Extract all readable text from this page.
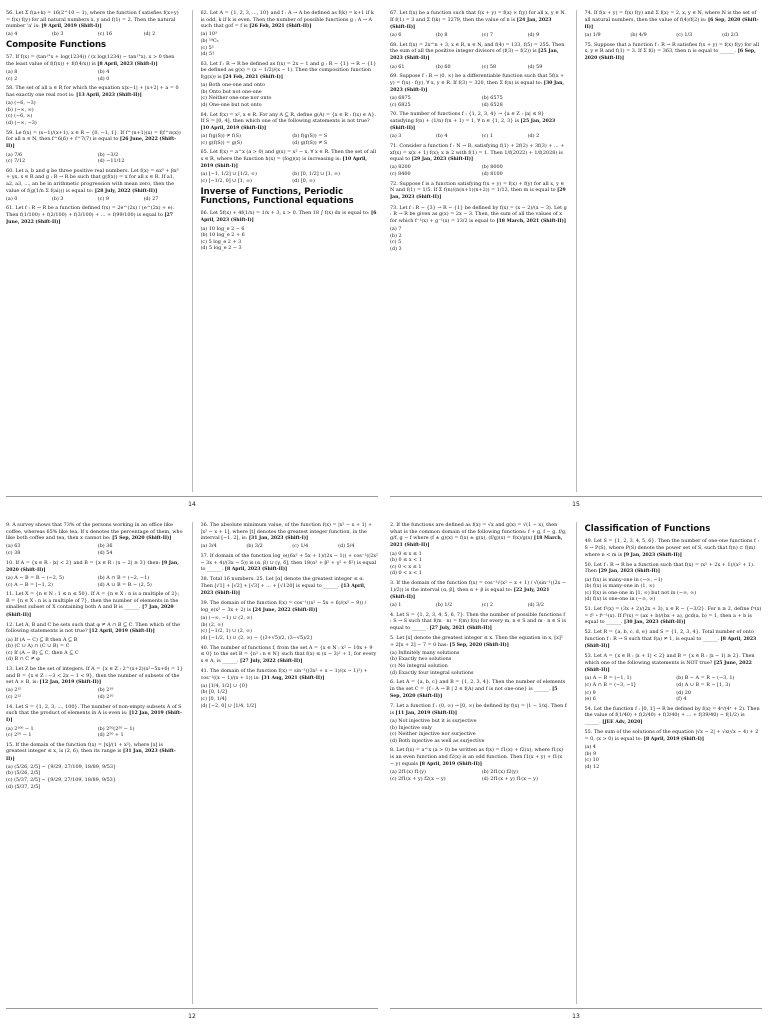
56. Let Σ f(a+k) = 16(2^10 − 1), where the function f satisfies f(x+y) = f(x) f(y) for all natural numbers x, y and f(1) = 2. Then the natural number 'a' is: [9 April, 2019 (Shift-I)]
(a) 4	(b) 3	(c) 16	(d) 2
Composite Functions
57. If f(x) = (tan¹°x + log(1234)) / (x log(1234) − tan¹°x), x > 0 then the least value of f(f(x)) + f(f(4/x)) is [8 April, 2023 (Shift-I)]
(a) 8	(b) 4
(c) 2	(d) 0
58. The set of all a ∈ R for which the equation x|x−1| + |x+2| + a = 0 has exactly one real root is: [13 April, 2023 (Shift-II)]
(a) (−6, −3)
(b) (−∞, ∞)
(c) (−6, ∞)
(d) (−∞, −3)
59. Le f(x) = (x−1)/(x+1), x ∈ R − {0, −1, 1}. If f^(n+1)(x) = f(f^n(x)) for all n ∈ N, then f^6(6) + f^7(7) is equal to [26 June, 2022 (Shift-II)]
(a) 7/6	(b) −3/2
(c) 7/12	(d) −11/12
60. Let a, b and g be three positive real numbers. Let f(x) = αx⁵ + βx³ + γx, x ∈ R and g : R → R be such that g(f(x)) = x for all x ∈ R. If a1, a2, a3, ..., an be in arithmetic progression with mean zero, then the value of f(g(1/n Σ f(ai))) is equal to: [28 July, 2022 (Shift-II)]
(a) 0	(b) 3	(c) 9	(d) 27
61. Let f : R → R be a function defined f(x) = 2e^(2x) / (e^(2x) + e). Then f(1/100) + f(2/100) + f(3/100) + ... + f(99/100) is equal to [27 June, 2022 (Shift-II)]
62. Let A = {1, 2, 3, ..., 10} and f : A → A be defined as f(k) = k+1 if k is odd, k if k is even. Then the number of possible functions g : A → A such that gof = f is [26 Feb, 2021 (Shift-II)]
(a) 10³
(b) ¹⁰C₅
(c) 5⁵
(d) 5!
63. Let f : R → R be defined as f(x) = 2x − 1 and g : R − {1} → R − {1} be defined as g(x) = (x − 1/2)/(x − 1). Then the composition function f(g(x)) is [24 Feb, 2021 (Shift-I)]
(a) Both one-one and onto
(b) Onto but not one-one
(c) Neither one-one nor onto
(d) One-one but not onto
64. Let f(x) = x², x ∈ R. For any A ⊆ R, define g(A) = {x ∈ R : f(x) ∈ A}. If S = [0, 4], then which one of the following statements is not true? [10 April, 2019 (Shift-II)]
(a) f(g(S)) ≠ f(S)	(b) f(g(S)) = S
(c) g(f(S)) = g(S)	(d) g(f(S)) ≠ S
65. Let f(x) = a^x (a > 0) and g(x) = x² − x, ∀ x ∈ R. Then the set of all x ∈ R, where the function h(x) = (fog)(x) is increasing is: [10 April, 2019 (Shift-I)]
(a) [−1, 1/2] ∪ [1/2, ∞)	(b) [0, 1/2] ∪ [1, ∞)
(c) [−1/2, 0] ∪ [1, ∞)	(d) [0, ∞)
Inverse of Functions, Periodic Functions, Functional equations
66. Let 5f(x) + 4f(1/x) = 1/x + 3, x > 0. Then 18 ∫ f(x) dx is equal to: [6 April, 2023 (Shift-I)]
(a) 10 log_e 2 − 6
(b) 10 log_e 2 + 6
(c) 5 log_e 2 + 3
(d) 5 log_e 2 − 3
14
67. Let f(x) be a function such that f(x + y) = f(x) × f(y) for all x, y ∈ N. If f(1) = 3 and Σ f(k) = 3279, then the value of n is [24 Jan, 2023 (Shift-II)]
(a) 6	(b) 8	(c) 7	(d) 9
68. Let f(x) = 2x^n + 3, x ∈ R, n ∈ N, and f(4) = 133, f(5) = 255. Then the sum of all the positive integer divisors of (f(3) − f(2)) is [25 Jan, 2023 (Shift-II)]
(a) 61	(b) 60	(c) 58	(d) 59
69. Suppose f : R → (0, ∞) be a differentiable function such that 5f(x + y) = f(x) · f(y), ∀ x, y ∈ R. If f(3) = 320, then Σ f(n) is equal to: [30 Jan, 2023 (Shift-I)]
(a) 6875	(b) 6575
(c) 6825	(d) 6528
70. The number of functions f : {1, 2, 3, 4} → {a ∈ Z : |a| ≤ 8} satisfying f(n) + (1/n) f(n + 1) = 1, ∀ n ∈ {1, 2, 3} is [25 Jan, 2023 (Shift-II)]
(a) 3	(b) 4	(c) 1	(d) 2
71. Consider a function f : N → R, satisfying f(1) + 2f(2) + 3f(3) + ... + xf(x) = x(x + 1) f(x); x ≥ 2 with f(1) = 1. Then 1/f(2022) + 1/f(2028) is equal to [29 Jan, 2023 (Shift-II)]
(a) 8200	(b) 8000
(c) 8400	(d) 8100
72. Suppose f is a function satisfying f(x + y) = f(x) + f(y) for all x, y ∈ N and f(1) = 1/5. If Σ f(n)/(n(n+1)(n+2)) = 1/12, then m is equal to [29 Jan, 2023 (Shift-II)]
73. Let f : R − {3} → R − {1} be defined by f(x) = (x − 2)/(x − 3). Let g : R → R be given as g(x) = 2x − 3. Then, the sum of all the values of x for which f⁻¹(x) + g⁻¹(x) = 13/2 is equal to [18 March, 2021 (Shift-II)]
(a) 7
(b) 2
(c) 5
(d) 3
74. If f(x + y) = f(x) f(y) and Σ f(x) = 2, x, y ∈ N, where N is the set of all natural numbers, then the value of f(4)/f(2) is: [6 Sep, 2020 (Shift-II)]
(a) 1/9	(b) 4/9	(c) 1/3	(d) 2/3
75. Suppose that a function f : R → R satisfies f(x + y) = f(x) f(y) for all x, y ∈ R and f(1) = 3. If Σ f(i) = 363, then n is equal to ______. [6 Sep, 2020 (Shift-II)]
15
9. A survey shows that 73% of the persons working in an office like coffee, whereas 65% like tea. If x denotes the percentage of them, who like both coffee and tea, then x cannot be: [5 Sep, 2020 (Shift-II)]
(a) 63	(b) 36
(c) 38	(d) 54
10. If A = {x ∈ R : |x| < 2} and B = {x ∈ R : |x − 2| ≥ 3} then: [9 Jan, 2020 (Shift-II)]
(a) A − B = R − (−2, 5)	(b) A ∩ B = (−2, −1)
(c) A − B = [−1, 2)	(d) A ∪ B = R − (2, 5)
11. Let X = {n ∈ N : 1 ≤ n ≤ 50}. If A = {n ∈ X : n is a multiple of 2}; B = {n ∈ X : n is a multiple of 7}, then the number of elements in the smallest subset of X containing both A and B is ______. [7 Jan, 2020 (Shift-II)]
12. Let A, B and C be sets such that φ ≠ A ∩ B ⊆ C. Then which of the following statements is not true? [12 April, 2019 (Shift-II)]
(a) If (A − C) ⊆ B then A ⊆ B
(b) (C ∪ A) ∩ (C ∪ B) = C
(c) If (A − B) ⊆ C, then A ⊆ C
(d) B ∩ C ≠ φ
13. Let Z be the set of integers. If A = {x ∈ Z : 2^(x+2)(x²−5x+6) = 1} and B = {x ∈ Z : −3 < 2x − 1 < 9}, then the number of subsets of the set A × B, is: [12 Jan, 2019 (Shift-II)]
(a) 2¹⁵	(b) 2¹⁸
(c) 2¹²	(d) 2¹⁰
14. Let S = {1, 2, 3, ..., 100}. The number of non-empty subsets A of S such that the product of elements in A is even is: [12 Jan, 2019 (Shift-I)]
(a) 2¹⁰⁰ − 1	(b) 2⁵⁰(2⁵⁰ − 1)
(c) 2⁵⁰ − 1	(d) 2⁵⁰ + 1
15. If the domain of the function f(x) = [x]/(1 + x²), where [x] is greatest integer ≤ x, is (2, 6), then its range is [31 Jan, 2023 (Shift-II)]
(a) (5/26, 2/5] − {9/29, 27/109, 18/89, 9/53}
(b) (5/26, 2/5]
(c) (5/37, 2/5] − {9/29, 27/109, 18/89, 9/53}
(d) (5/37, 2/5]
36. The absolute minimum value, of the function f(x) = |x² − x + 1| + [x² − x + 1], where [t] denotes the greatest integer function, in the interval [−1, 2], is: [31 Jan, 2023 (Shift-I)]
(a) 3/4	(b) 3/2	(c) 1/4	(d) 5/4
37. If domain of the function log_e((6x² + 5x + 1)/(2x − 1)) + cos⁻¹((2x² − 3x + 4)/(3x − 5)) is (α, β) ∪ (γ, δ], then 18(α² + β² + γ² + δ²) is equal to ______. [8 April, 2023 (Shift-II)]
38. Total 16 numbers. 25. Let [α] denote the greatest integer ≤ α. Then [√1] + [√2] + [√3] + ... + [√120] is equal to ______. [13 April, 2023 (Shift-II)]
39. The domain of the function f(x) = cos⁻¹((x² − 5x + 6)/(x² − 9)) / log_e(x² − 3x + 2) is [24 June, 2022 (Shift-II)]
(a) (−∞, −1) ∪ (2, ∞)
(b) (2, ∞)
(c) [−1/2, 1) ∪ (2, ∞)
(d) [−1/2, 1) ∪ (2, ∞) − {(3+√5)/2, (3−√5)/2}
40. The number of functions f, from the set A = {x ∈ N : x² − 10x + 9 ≤ 0} to the set B = {n² : n ∈ N} such that f(x) ≤ (x − 3)² + 1, for every x ∈ A, is ______. [27 July, 2022 (Shift-II)]
41. The domain of the function f(x) = sin⁻¹((3x² + x − 1)/(x − 1)²) + cos⁻¹((x − 1)/(x + 1)) is: [31 Aug, 2021 (Shift-II)]
(a) [1/4, 1/2] ∪ {0}
(b) [0, 1/2]
(c) [0, 1/4]
(d) [−2, 0] ∪ [1/4, 1/2]
12
2. If the functions are defined as f(x) = √x and g(x) = √(1 − x), then what is the common domain of the following functions: f + g, f − g, f/g, g/f, g − f where (f ± g)(x) = f(x) ± g(x), (f/g)(x) = f(x)/g(x) [18 March, 2021 (Shift-II)]
(a) 0 ≤ x ≤ 1
(b) 0 ≤ x < 1
(c) 0 < x ≤ 1
(d) 0 < x < 1
3. If the domain of the function f(x) = cos⁻¹√(x² − x + 1) / √(sin⁻¹((2x − 1)/2)) is the interval (α, β], then α + β is equal to: [22 July, 2021 (Shift-II)]
(a) 1	(b) 1/2	(c) 2	(d) 3/2
4. Let S = {1, 2, 3, 4, 5, 6, 7}. Then the number of possible functions f : S → S such that f(m · n) = f(m) f(n) for every m, n ∈ S and m · n ∈ S is equal to ______. [27 July, 2021 (Shift-II)]
5. Let [x] denote the greatest integer ≤ x. Then the equation in x, [x]² + 2[x + 2] − 7 = 0 has: [5 Sep, 2020 (Shift-II)]
(a) Infinitely many solutions
(b) Exactly two solutions
(c) No integral solution
(d) Exactly four integral solutions
6. Let A = {a, b, c} and B = {1, 2, 3, 4}. Then the number of elements in the set C = {f : A → B | 2 ∈ f(A) and f is not one-one} is ______. [5 Sep, 2020 (Shift-II)]
7. Let a function f : (0, ∞) → [0, ∞) be defined by f(x) = |1 − 1/x|. Then f is [11 Jan, 2019 (Shift-II)]
(a) Not injective but it is surjective
(b) Injective only
(c) Neither injective nor surjective
(d) Both injective as well as surjective
8. Let f(x) = a^x (a > 0) be written as f(x) = f1(x) + f2(x), where f1(x) is an even function and f2(x) is an odd function. Then f1(x + y) + f1(x − y) equals [8 April, 2019 (Shift-II)]
(a) 2f1(x) f1(y)	(b) 2f1(x) f2(y)
(c) 2f1(x + y) f2(x − y)	(d) 2f1(x + y) f1(x − y)
Classification of Functions
49. Let S = {1, 2, 3, 4, 5, 6}. Then the number of one-one functions f : S → P(S), where P(S) denote the power set of S, such that f(n) ⊂ f(m) where n < m is [9 Jan, 2023 (Shift-II)]
50. Let f : R → R be a function such that f(x) = (x² + 2x + 1)/(x² + 1). Then [29 Jan, 2023 (Shift-II)]
(a) f(x) is many-one in (−∞, −1)
(b) f(x) is many-one in (1, ∞)
(c) f(x) is one-one in [1, ∞) but not in (−∞, ∞)
(d) f(x) is one-one in (−∞, ∞)
51. Let f¹(x) = (3x + 2)/(2x + 3), x ∈ R − {−3/2}. For n ≥ 2, define fⁿ(x) = f¹ ∘ fⁿ⁻¹(x). If f⁵(x) = (ax + b)/(bx + a), gcd(a, b) = 1, then a + b is equal to ______. [30 Jan, 2023 (Shift-II)]
52. Let R = {a, b, c, d, e} and S = {1, 2, 3, 4}. Total number of onto function f : R → S such that f(a) ≠ 1, is equal to ______. [8 April, 2023 (Shift-II)]
53. Let A = {x ∈ R : |x + 1| < 2} and B = {x ∈ R : |x − 1| ≥ 2}. Then which one of the following statements is NOT true? [25 June, 2022 (Shift-II)]
(a) A − B = (−1, 1)	(b) B − A = R − (−3, 1)
(c) A ∩ B = (−3, −1]	(d) A ∪ B = R − [1, 3)
(c) 9	(d) 20
(e) 6	(f) 4
54. Let the function f : [0, 1] → R be defined by f(x) = 4ˣ/(4ˣ + 2). Then the value of f(1/40) + f(2/40) + f(3/40) + ... + f(39/40) − f(1/2) is ______. [JEE Adv, 2020]
55. The sum of the solutions of the equation |√x − 2| + √x(√x − 4) + 2 = 0, (x > 0) is equal to: [8 April, 2019 (Shift-I)]
(a) 4
(b) 9
(c) 10
(d) 12
13
